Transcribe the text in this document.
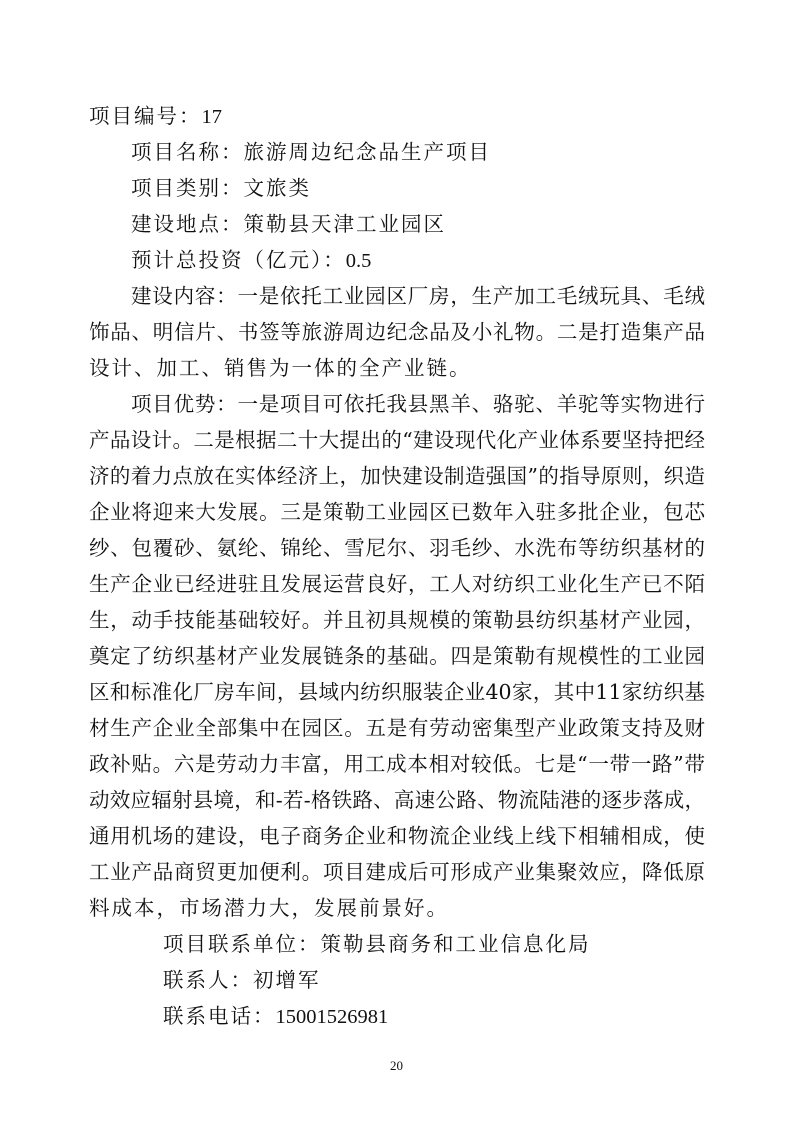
项目编号：17
项目名称：旅游周边纪念品生产项目
项目类别：文旅类
建设地点：策勒县天津工业园区
预计总投资（亿元）：0.5
建设内容：一是依托工业园区厂房，生产加工毛绒玩具、毛绒
饰品、明信片、书签等旅游周边纪念品及小礼物。二是打造集产品
设计、加工、销售为一体的全产业链。
项目优势：一是项目可依托我县黑羊、骆驼、羊驼等实物进行
产品设计。二是根据二十大提出的“建设现代化产业体系要坚持把经
济的着力点放在实体经济上，加快建设制造强国”的指导原则，织造
企业将迎来大发展。三是策勒工业园区已数年入驻多批企业，包芯
纱、包覆砂、氨纶、锦纶、雪尼尔、羽毛纱、水洗布等纺织基材的
生产企业已经进驻且发展运营良好，工人对纺织工业化生产已不陌
生，动手技能基础较好。并且初具规模的策勒县纺织基材产业园，
奠定了纺织基材产业发展链条的基础。四是策勒有规模性的工业园
区和标准化厂房车间，县域内纺织服装企业40家，其中11家纺织基
材生产企业全部集中在园区。五是有劳动密集型产业政策支持及财
政补贴。六是劳动力丰富，用工成本相对较低。七是“一带一路”带
动效应辐射县境，和-若-格铁路、高速公路、物流陆港的逐步落成，
通用机场的建设，电子商务企业和物流企业线上线下相辅相成，使
工业产品商贸更加便利。项目建成后可形成产业集聚效应，降低原
料成本，市场潜力大，发展前景好。
项目联系单位：策勒县商务和工业信息化局
联系人：初增军
联系电话：15001526981
20
